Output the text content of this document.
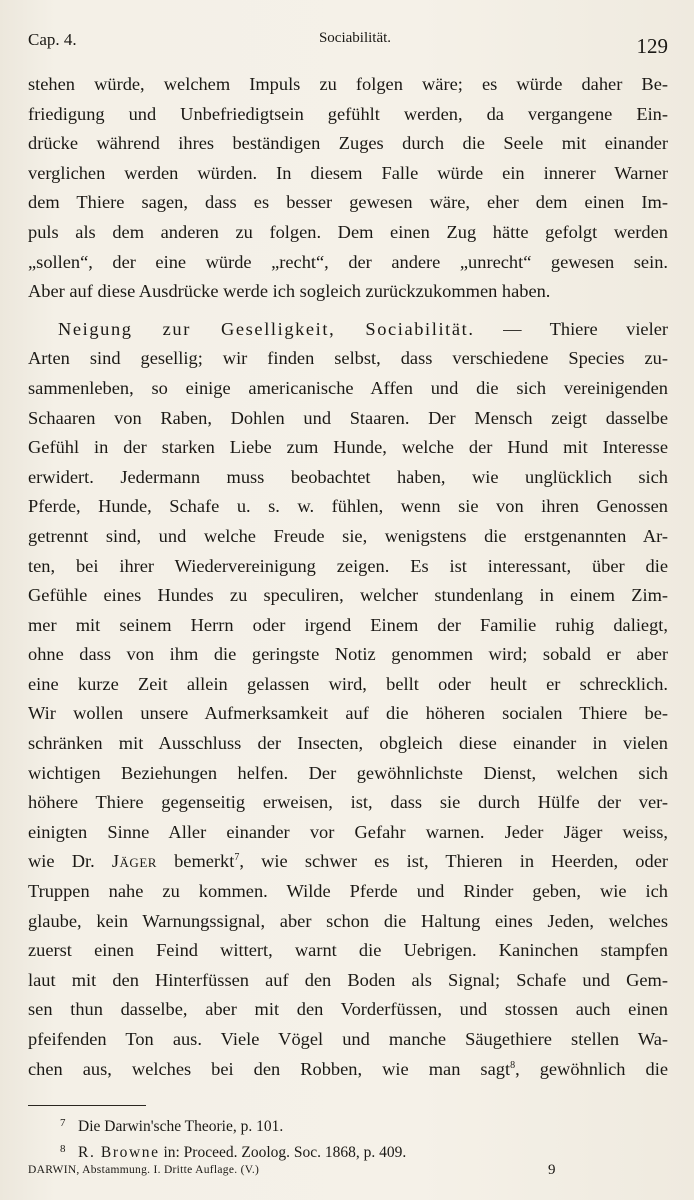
Cap. 4.	Sociabilität.	129
stehen würde, welchem Impuls zu folgen wäre; es würde daher Be-
friedigung und Unbefriedigtsein gefühlt werden, da vergangene Ein-
drücke während ihres beständigen Zuges durch die Seele mit einander
verglichen werden würden. In diesem Falle würde ein innerer Warner
dem Thiere sagen, dass es besser gewesen wäre, eher dem einen Im-
puls als dem anderen zu folgen. Dem einen Zug hätte gefolgt werden
„sollen“, der eine würde „recht“, der andere „unrecht“ gewesen sein.
Aber auf diese Ausdrücke werde ich sogleich zurückzukommen haben.
Neigung zur Geselligkeit, Sociabilität. — Thiere vieler
Arten sind gesellig; wir finden selbst, dass verschiedene Species zu-
sammenleben, so einige americanische Affen und die sich vereinigenden
Schaaren von Raben, Dohlen und Staaren. Der Mensch zeigt dasselbe
Gefühl in der starken Liebe zum Hunde, welche der Hund mit Interesse
erwidert. Jedermann muss beobachtet haben, wie unglücklich sich
Pferde, Hunde, Schafe u. s. w. fühlen, wenn sie von ihren Genossen
getrennt sind, und welche Freude sie, wenigstens die erstgenannten Ar-
ten, bei ihrer Wiedervereinigung zeigen. Es ist interessant, über die
Gefühle eines Hundes zu speculiren, welcher stundenlang in einem Zim-
mer mit seinem Herrn oder irgend Einem der Familie ruhig daliegt,
ohne dass von ihm die geringste Notiz genommen wird; sobald er aber
eine kurze Zeit allein gelassen wird, bellt oder heult er schrecklich.
Wir wollen unsere Aufmerksamkeit auf die höheren socialen Thiere be-
schränken mit Ausschluss der Insecten, obgleich diese einander in vielen
wichtigen Beziehungen helfen. Der gewöhnlichste Dienst, welchen sich
höhere Thiere gegenseitig erweisen, ist, dass sie durch Hülfe der ver-
einigten Sinne Aller einander vor Gefahr warnen. Jeder Jäger weiss,
wie Dr. Jäger bemerkt$^7$, wie schwer es ist, Thieren in Heerden, oder
Truppen nahe zu kommen. Wilde Pferde und Rinder geben, wie ich
glaube, kein Warnungssignal, aber schon die Haltung eines Jeden, welches
zuerst einen Feind wittert, warnt die Uebrigen. Kaninchen stampfen
laut mit den Hinterfüssen auf den Boden als Signal; Schafe und Gem-
sen thun dasselbe, aber mit den Vorderfüssen, und stossen auch einen
pfeifenden Ton aus. Viele Vögel und manche Säugethiere stellen Wa-
chen aus, welches bei den Robben, wie man sagt$^8$, gewöhnlich die
7 Die Darwin'sche Theorie, p. 101.
8 R. Browne in: Proceed. Zoolog. Soc. 1868, p. 409.
DARWIN, Abstammung. I. Dritte Auflage. (V.)	9
